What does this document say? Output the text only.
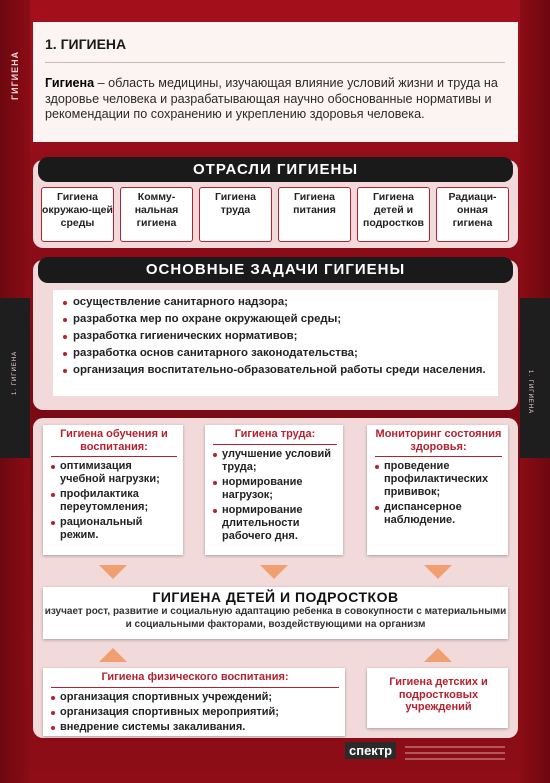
ГИГИЕНА
1. ГИГИЕНА	1. ГИГИЕНА
1. ГИГИЕНА
Гигиена – область медицины, изучающая влияние условий жизни и труда на здоровье человека и разрабатывающая научно обоснованные нормативы и рекомендации по сохранению и укреплению здоровья человека.
ОТРАСЛИ ГИГИЕНЫ
Гигиена окружаю-щей среды
Комму-нальная гигиена
Гигиена труда
Гигиена питания
Гигиена детей и подростков
Радиаци-онная гигиена
ОСНОВНЫЕ ЗАДАЧИ ГИГИЕНЫ
осуществление санитарного надзора;
разработка мер по охране окружающей среды;
разработка гигиенических нормативов;
разработка основ санитарного законодательства;
организация воспитательно-образовательной работы среди населения.
Гигиена обучения и воспитания:
оптимизация учебной нагрузки;
профилактика переутомления;
рациональный режим.
Гигиена труда:
улучшение условий труда;
нормирование нагрузок;
нормирование длительности рабочего дня.
Мониторинг состояния здоровья:
проведение профилактических прививок;
диспансерное наблюдение.
ГИГИЕНА ДЕТЕЙ И ПОДРОСТКОВ
изучает рост, развитие и социальную адаптацию ребенка в совокупности с материальными и социальными факторами, воздействующими на организм
Гигиена физического воспитания:
организация спортивных учреждений;
организация спортивных мероприятий;
внедрение системы закаливания.
Гигиена детских и подростковых учреждений
спектр
